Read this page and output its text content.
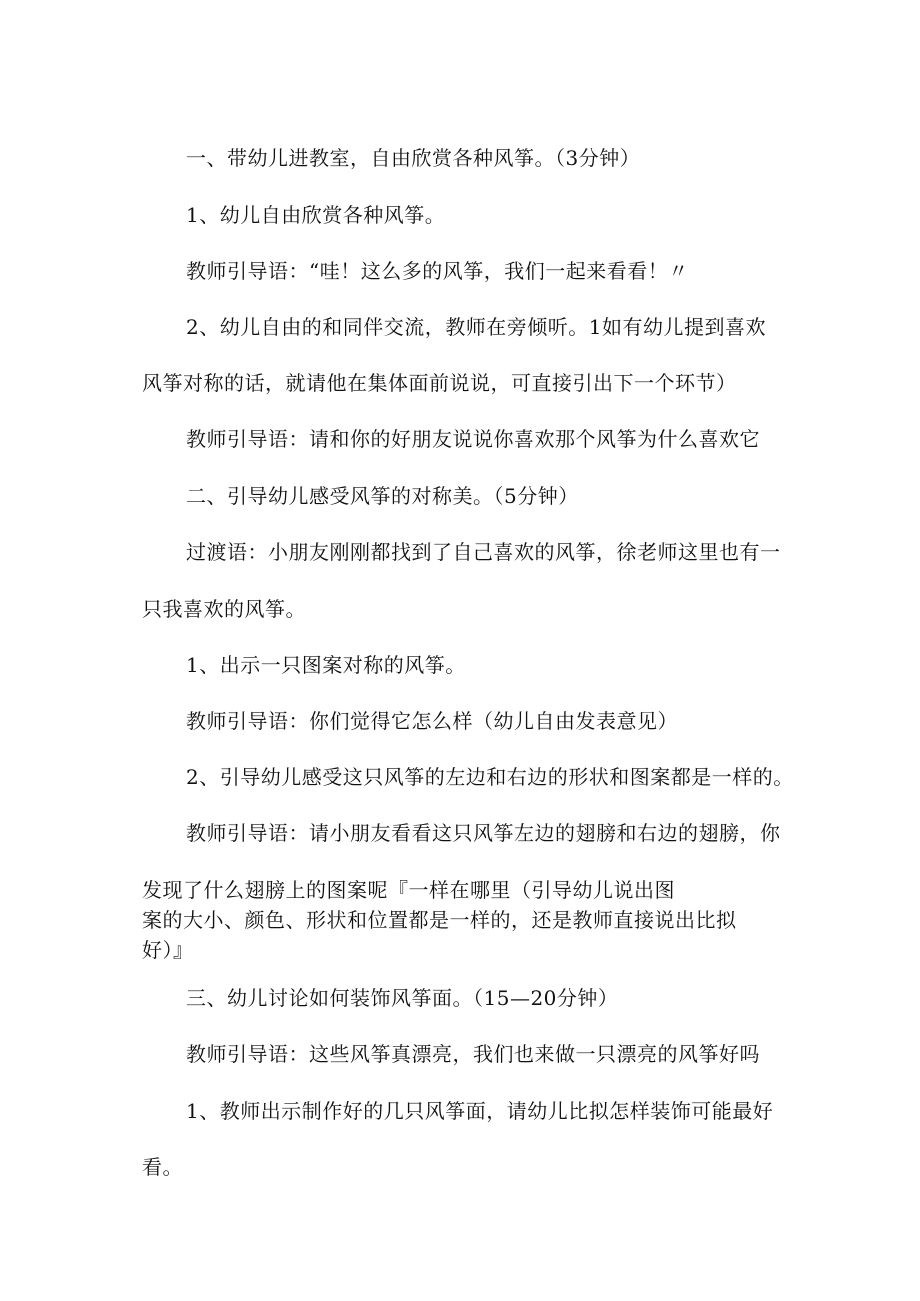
一、带幼儿进教室，自由欣赏各种风筝。（3分钟）
1、幼儿自由欣赏各种风筝。
教师引导语：“哇！这么多的风筝，我们一起来看看！〃
2、幼儿自由的和同伴交流，教师在旁倾听。1如有幼儿提到喜欢
风筝对称的话，就请他在集体面前说说，可直接引出下一个环节）
教师引导语：请和你的好朋友说说你喜欢那个风筝为什么喜欢它
二、引导幼儿感受风筝的对称美。（5分钟）
过渡语：小朋友刚刚都找到了自己喜欢的风筝，徐老师这里也有一
只我喜欢的风筝。
1、出示一只图案对称的风筝。
教师引导语：你们觉得它怎么样（幼儿自由发表意见）
2、引导幼儿感受这只风筝的左边和右边的形状和图案都是一样的。
教师引导语：请小朋友看看这只风筝左边的翅膀和右边的翅膀，你
发现了什么翅膀上的图案呢『一样在哪里（引导幼儿说出图
案的大小、颜色、形状和位置都是一样的，还是教师直接说出比拟
好）』
三、幼儿讨论如何装饰风筝面。（15—20分钟）
教师引导语：这些风筝真漂亮，我们也来做一只漂亮的风筝好吗
1、教师出示制作好的几只风筝面，请幼儿比拟怎样装饰可能最好
看。
